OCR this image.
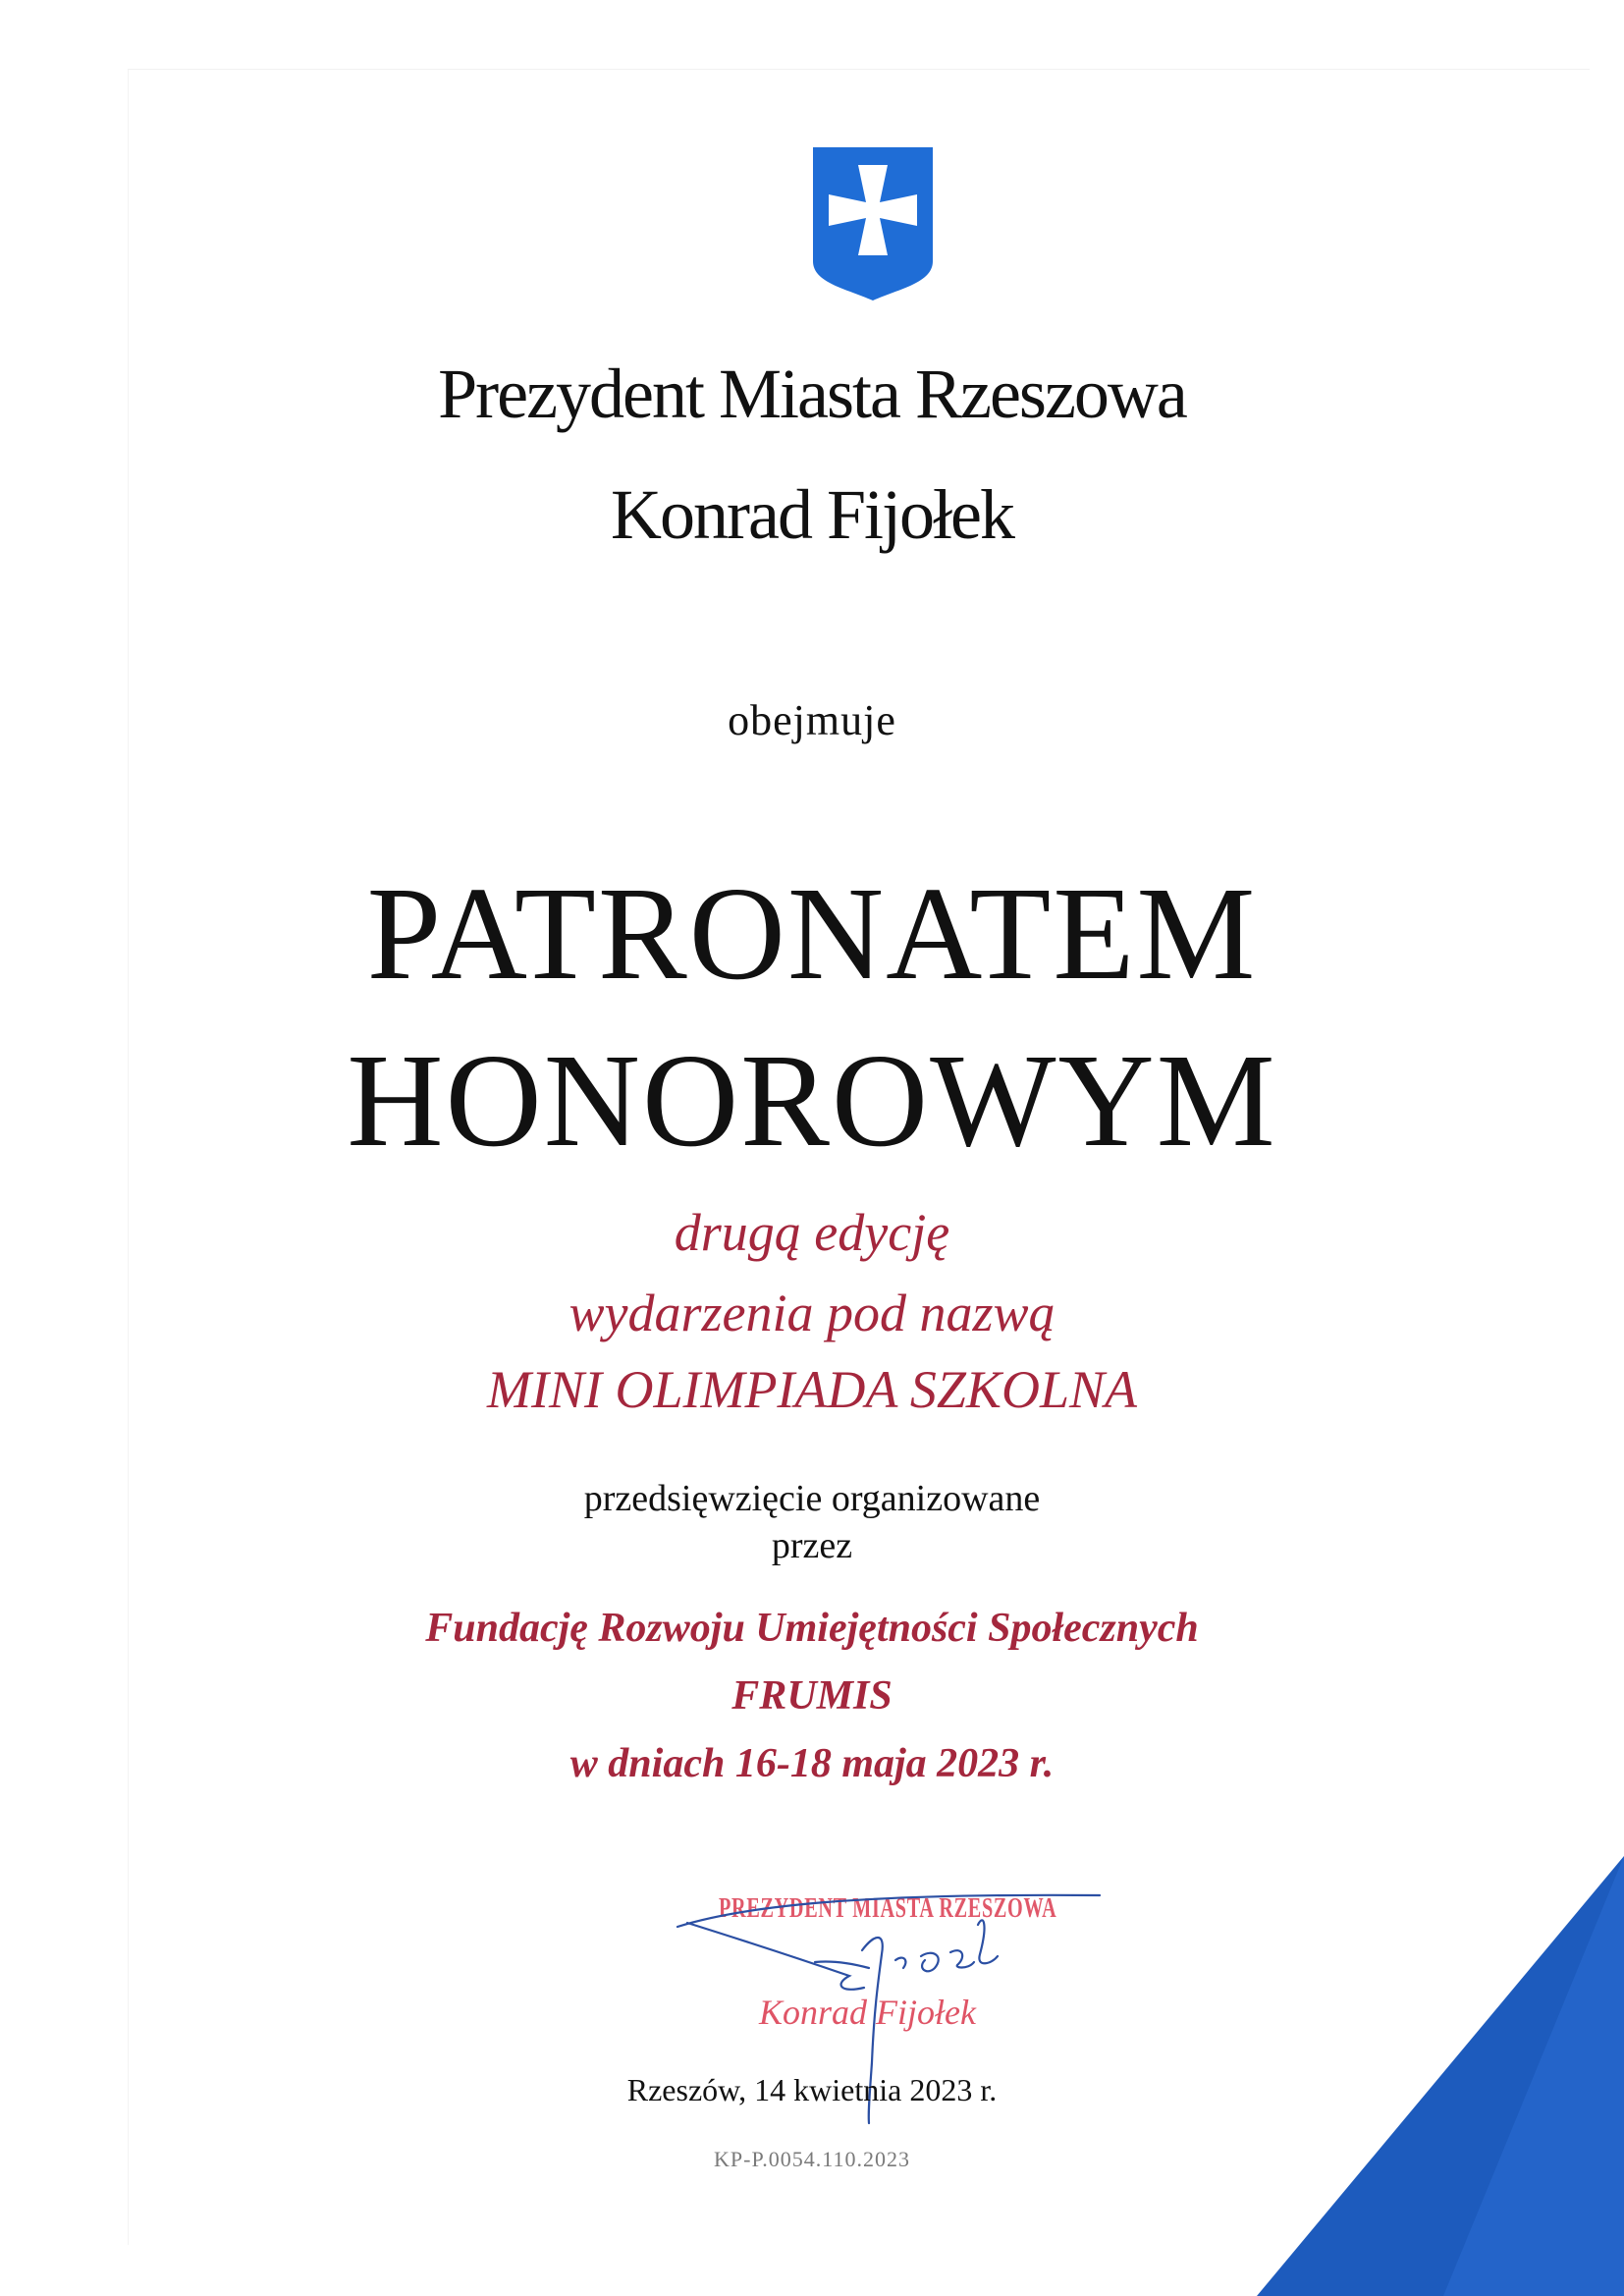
Prezydent Miasta Rzeszowa
Konrad Fijołek
obejmuje
PATRONATEM
HONOROWYM
drugą edycję
wydarzenia pod nazwą
MINI OLIMPIADA SZKOLNA
przedsięwzięcie organizowane
przez
Fundację Rozwoju Umiejętności Społecznych
FRUMIS
w dniach 16-18 maja 2023 r.
PREZYDENT MIASTA RZESZOWA
Konrad Fijołek
Rzeszów, 14 kwietnia 2023 r.
KP-P.0054.110.2023
